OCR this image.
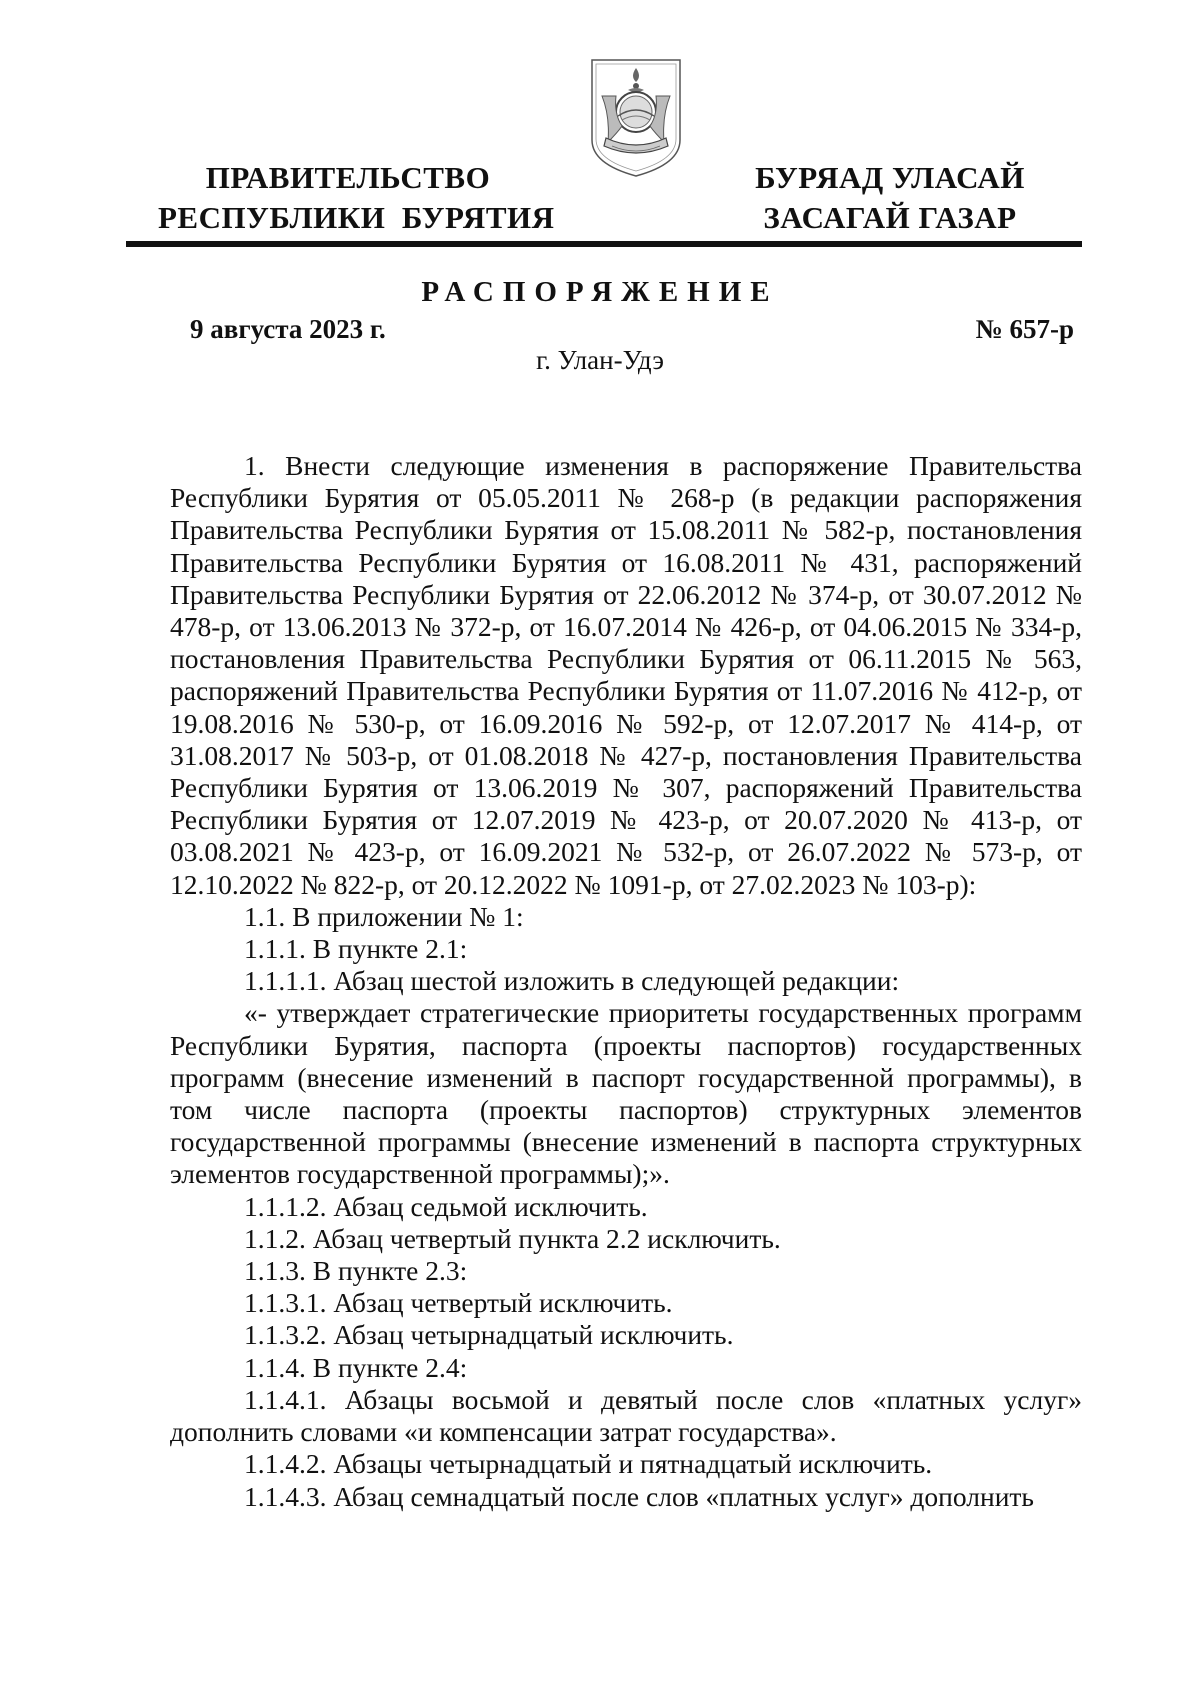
ПРАВИТЕЛЬСТВО
РЕСПУБЛИКИ  БУРЯТИЯ
БУРЯАД УЛАСАЙ
ЗАСАГАЙ ГАЗАР
РАСПОРЯЖЕНИЕ
9 августа 2023 г.	№ 657-р
г. Улан-Удэ

1. Внести следующие изменения в распоряжение Правительства Республики Бурятия от 05.05.2011 № 268-р (в редакции распоряжения Правительства Республики Бурятия от 15.08.2011 № 582-р, постановления Правительства Республики Бурятия от 16.08.2011 № 431, распоряжений Правительства Республики Бурятия от 22.06.2012 № 374-р, от 30.07.2012 № 478-р, от 13.06.2013 № 372-р, от 16.07.2014 № 426-р, от 04.06.2015 № 334-р, постановления Правительства Республики Бурятия от 06.11.2015 № 563, распоряжений Правительства Республики Бурятия от 11.07.2016 № 412-р, от 19.08.2016 № 530-р, от 16.09.2016 № 592-р, от 12.07.2017 № 414-р, от 31.08.2017 № 503-р, от 01.08.2018 № 427-р, постановления Правительства Республики Бурятия от 13.06.2019 № 307, распоряжений Правительства Республики Бурятия от 12.07.2019 № 423-р, от 20.07.2020 № 413-р, от 03.08.2021 № 423-р, от 16.09.2021 № 532-р, от 26.07.2022 № 573-р, от 12.10.2022 № 822-р, от 20.12.2022 № 1091-р, от 27.02.2023 № 103-р):

1.1. В приложении № 1:

1.1.1. В пункте 2.1:

1.1.1.1. Абзац шестой изложить в следующей редакции:

«- утверждает стратегические приоритеты государственных программ Республики Бурятия, паспорта (проекты паспортов) государственных программ (внесение изменений в паспорт государственной программы), в том числе паспорта (проекты паспортов) структурных элементов государственной программы (внесение изменений в паспорта структурных элементов государственной программы);».

1.1.1.2. Абзац седьмой исключить.

1.1.2. Абзац четвертый пункта 2.2 исключить.

1.1.3. В пункте 2.3:

1.1.3.1. Абзац четвертый исключить.

1.1.3.2. Абзац четырнадцатый исключить.

1.1.4. В пункте 2.4:

1.1.4.1. Абзацы восьмой и девятый после слов «платных услуг» дополнить словами «и компенсации затрат государства».

1.1.4.2. Абзацы четырнадцатый и пятнадцатый исключить.

1.1.4.3. Абзац семнадцатый после слов «платных услуг» дополнить
